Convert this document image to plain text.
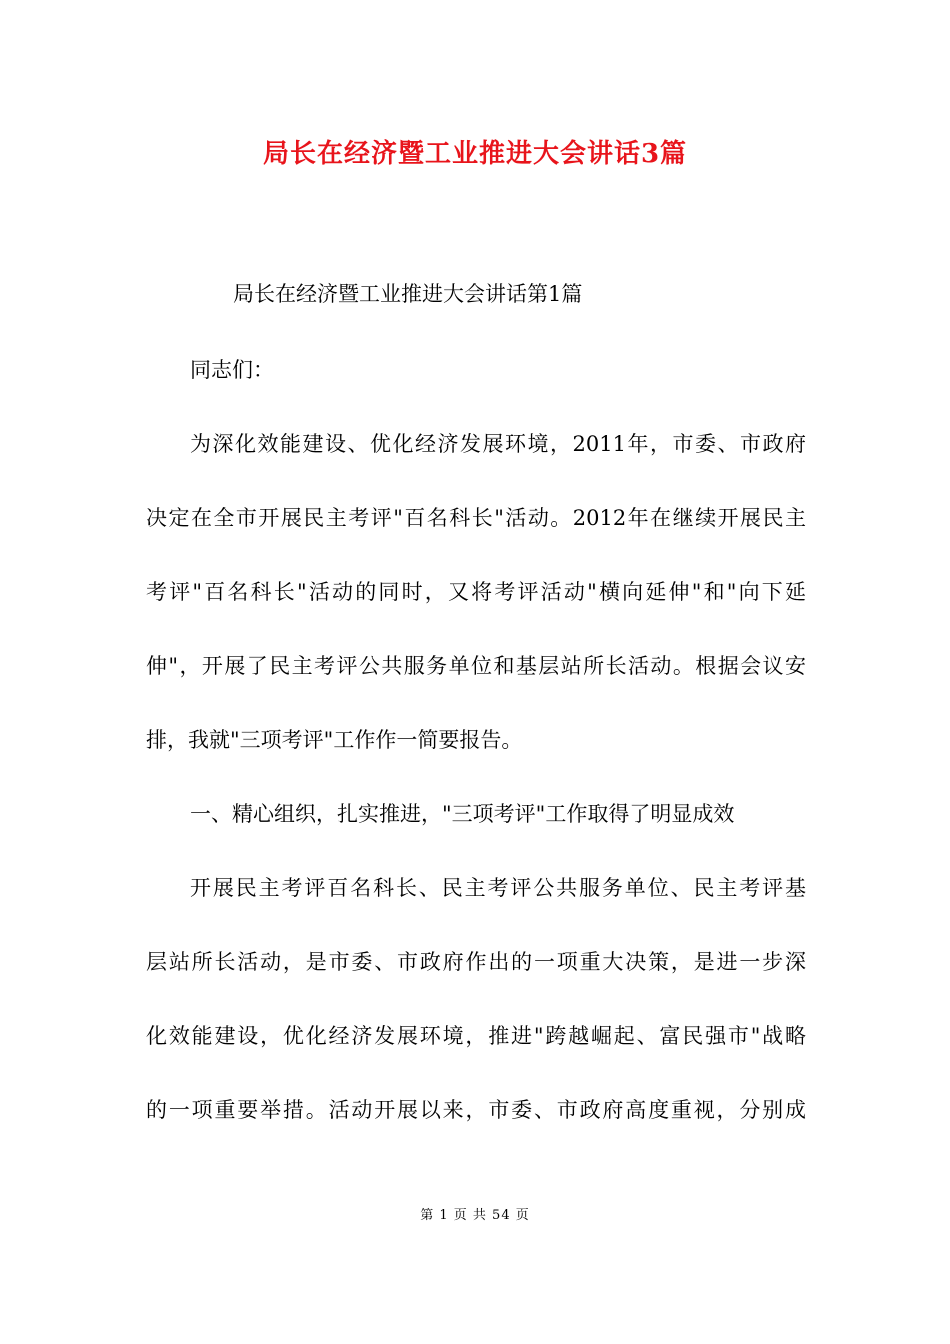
局长在经济暨工业推进大会讲话3篇
局长在经济暨工业推进大会讲话第1篇
同志们：
为深化效能建设、优化经济发展环境，2011年，市委、市政府
决定在全市开展民主考评"百名科长"活动。2012年在继续开展民主
考评"百名科长"活动的同时，又将考评活动"横向延伸"和"向下延
伸"，开展了民主考评公共服务单位和基层站所长活动。根据会议安
排，我就"三项考评"工作作一简要报告。
一、精心组织，扎实推进，"三项考评"工作取得了明显成效
开展民主考评百名科长、民主考评公共服务单位、民主考评基
层站所长活动，是市委、市政府作出的一项重大决策，是进一步深
化效能建设，优化经济发展环境，推进"跨越崛起、富民强市"战略
的一项重要举措。活动开展以来，市委、市政府高度重视，分别成
第 1 页 共 54 页
